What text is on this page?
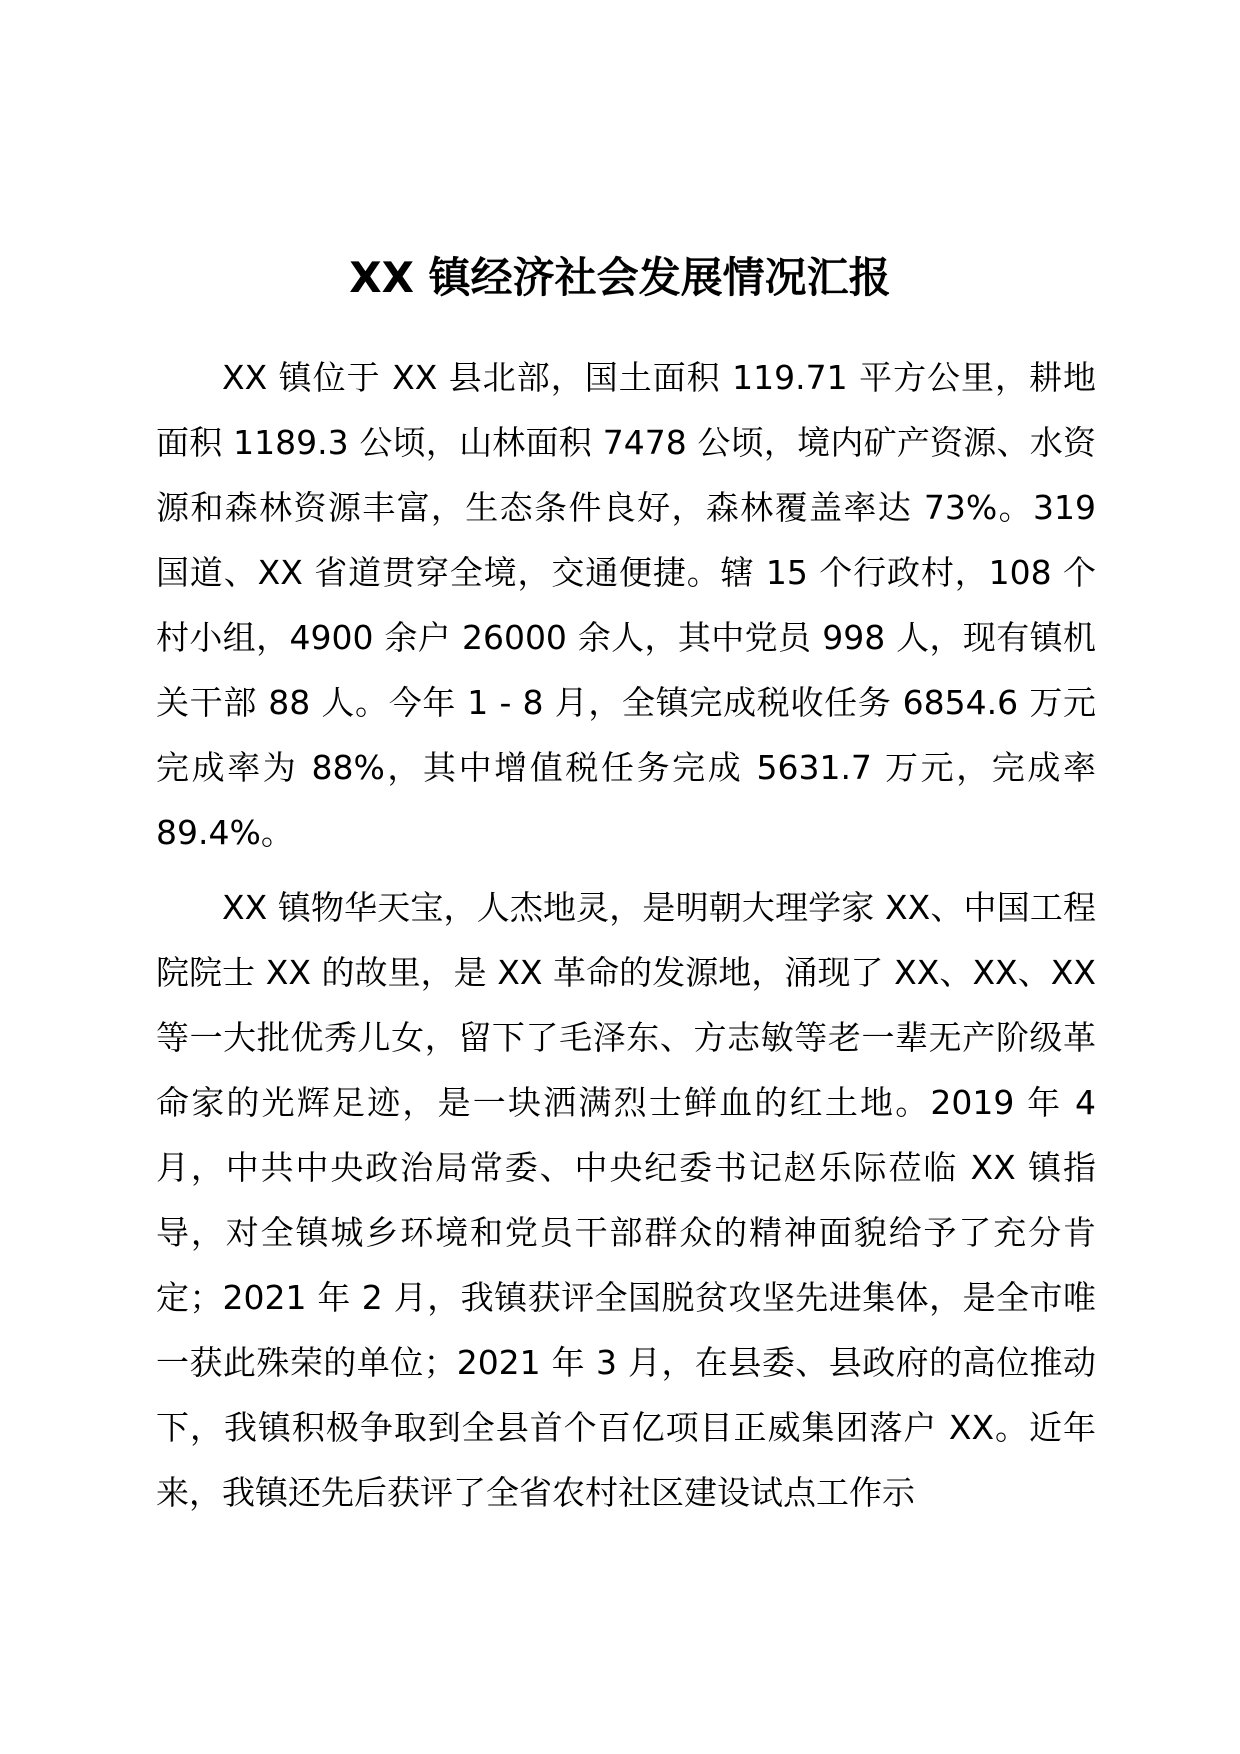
XX 镇经济社会发展情况汇报

XX 镇位于 XX 县北部，国土面积 119.71 平方公里，耕地面积 1189.3 公顷，山林面积 7478 公顷，境内矿产资源、水资源和森林资源丰富，生态条件良好，森林覆盖率达 73%。319 国道、XX 省道贯穿全境，交通便捷。辖 15 个行政村，108 个村小组，4900 余户 26000 余人，其中党员 998 人，现有镇机关干部 88 人。今年 1 - 8 月，全镇完成税收任务 6854.6 万元完成率为 88%，其中增值税任务完成 5631.7 万元，完成率 89.4%。

XX 镇物华天宝，人杰地灵，是明朝大理学家 XX、中国工程院院士 XX 的故里，是 XX 革命的发源地，涌现了 XX、XX、XX 等一大批优秀儿女，留下了毛泽东、方志敏等老一辈无产阶级革命家的光辉足迹，是一块洒满烈士鲜血的红土地。2019 年 4 月，中共中央政治局常委、中央纪委书记赵乐际莅临 XX 镇指导，对全镇城乡环境和党员干部群众的精神面貌给予了充分肯定；2021 年 2 月，我镇获评全国脱贫攻坚先进集体，是全市唯一获此殊荣的单位；2021 年 3 月，在县委、县政府的高位推动下，我镇积极争取到全县首个百亿项目正威集团落户 XX。近年来，我镇还先后获评了全省农村社区建设试点工作示
